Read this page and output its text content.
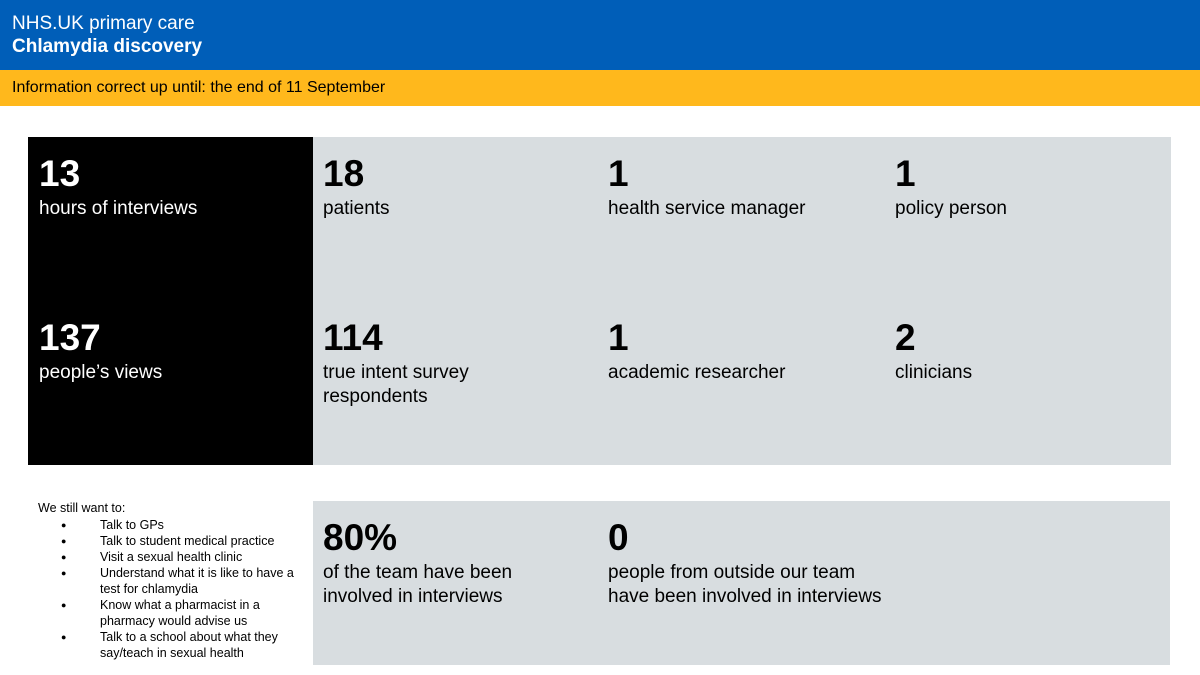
NHS.UK primary care
Chlamydia discovery
Information correct up until: the end of 11 September
13
hours of interviews
137
people’s views
18
patients
1
health service manager
1
policy person
114
true intent survey respondents
1
academic researcher
2
clinicians
80%
of the team have been involved in interviews
0
people from outside our team have been involved in interviews
We still want to:
● Talk to GPs
● Talk to student medical practice
● Visit a sexual health clinic
● Understand what it is like to have a test for chlamydia
● Know what a pharmacist in a pharmacy would advise us
● Talk to a school about what they say/teach in sexual health
